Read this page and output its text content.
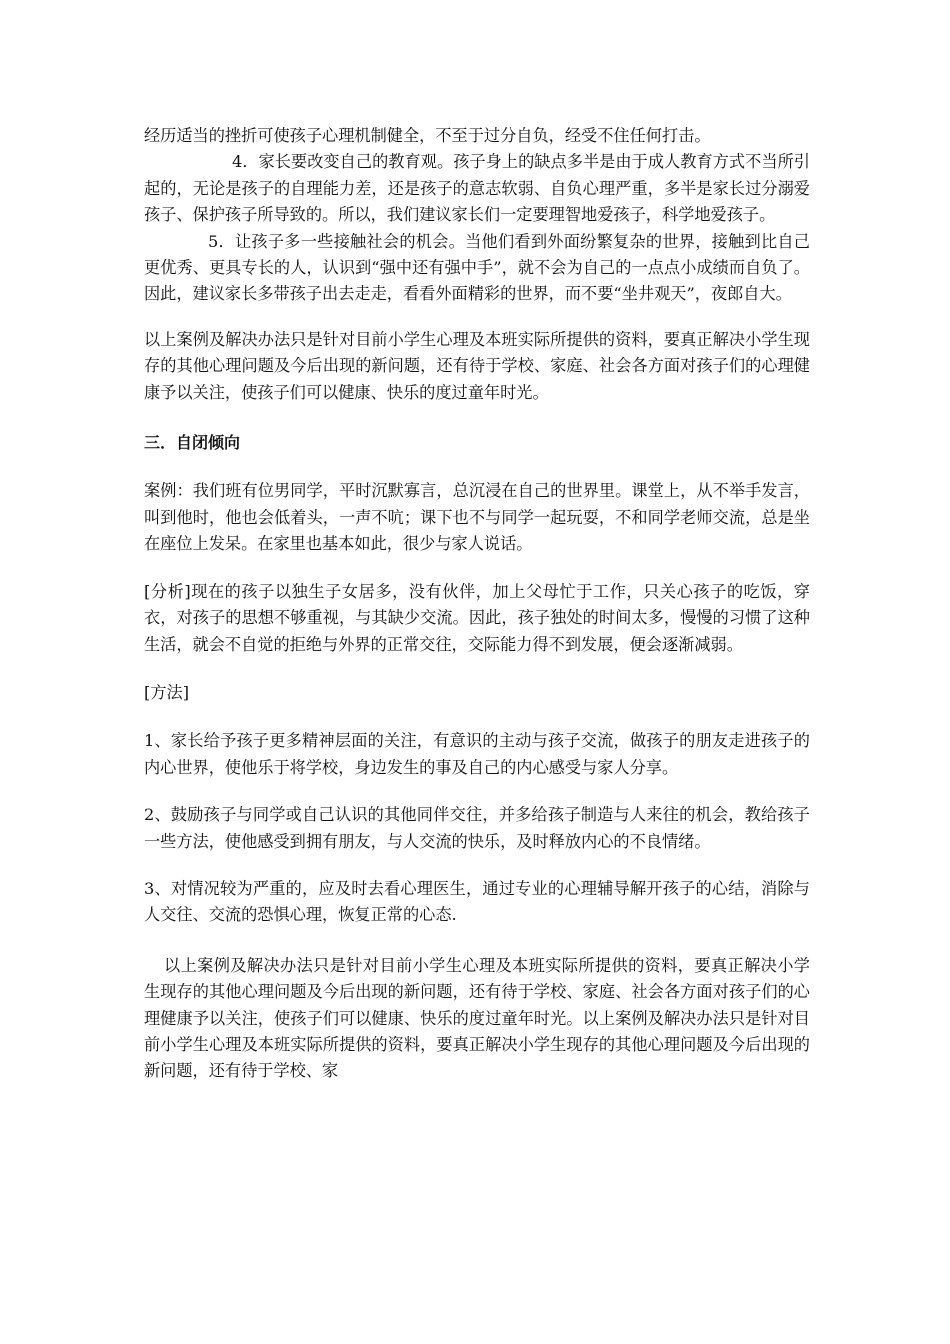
经历适当的挫折可使孩子心理机制健全，不至于过分自负，经受不住任何打击。

4．家长要改变自己的教育观。孩子身上的缺点多半是由于成人教育方式不当所引起的，无论是孩子的自理能力差，还是孩子的意志软弱、自负心理严重，多半是家长过分溺爱孩子、保护孩子所导致的。所以，我们建议家长们一定要理智地爱孩子，科学地爱孩子。

5．让孩子多一些接触社会的机会。当他们看到外面纷繁复杂的世界，接触到比自己更优秀、更具专长的人，认识到“强中还有强中手”，就不会为自己的一点点小成绩而自负了。因此，建议家长多带孩子出去走走，看看外面精彩的世界，而不要“坐井观天”，夜郎自大。

以上案例及解决办法只是针对目前小学生心理及本班实际所提供的资料，要真正解决小学生现存的其他心理问题及今后出现的新问题，还有待于学校、家庭、社会各方面对孩子们的心理健康予以关注，使孩子们可以健康、快乐的度过童年时光。

三．自闭倾向

案例：我们班有位男同学，平时沉默寡言，总沉浸在自己的世界里。课堂上，从不举手发言，叫到他时，他也会低着头，一声不吭；课下也不与同学一起玩耍，不和同学老师交流，总是坐在座位上发呆。在家里也基本如此，很少与家人说话。

[分析]现在的孩子以独生子女居多，没有伙伴，加上父母忙于工作，只关心孩子的吃饭，穿衣，对孩子的思想不够重视，与其缺少交流。因此，孩子独处的时间太多，慢慢的习惯了这种生活，就会不自觉的拒绝与外界的正常交往，交际能力得不到发展，便会逐渐减弱。

[方法]

1、家长给予孩子更多精神层面的关注，有意识的主动与孩子交流，做孩子的朋友走进孩子的内心世界，使他乐于将学校，身边发生的事及自己的内心感受与家人分享。

2、鼓励孩子与同学或自己认识的其他同伴交往，并多给孩子制造与人来往的机会，教给孩子一些方法，使他感受到拥有朋友，与人交流的快乐，及时释放内心的不良情绪。

3、对情况较为严重的，应及时去看心理医生，通过专业的心理辅导解开孩子的心结，消除与人交往、交流的恐惧心理，恢复正常的心态.

以上案例及解决办法只是针对目前小学生心理及本班实际所提供的资料，要真正解决小学生现存的其他心理问题及今后出现的新问题，还有待于学校、家庭、社会各方面对孩子们的心理健康予以关注，使孩子们可以健康、快乐的度过童年时光。以上案例及解决办法只是针对目前小学生心理及本班实际所提供的资料，要真正解决小学生现存的其他心理问题及今后出现的新问题，还有待于学校、家
